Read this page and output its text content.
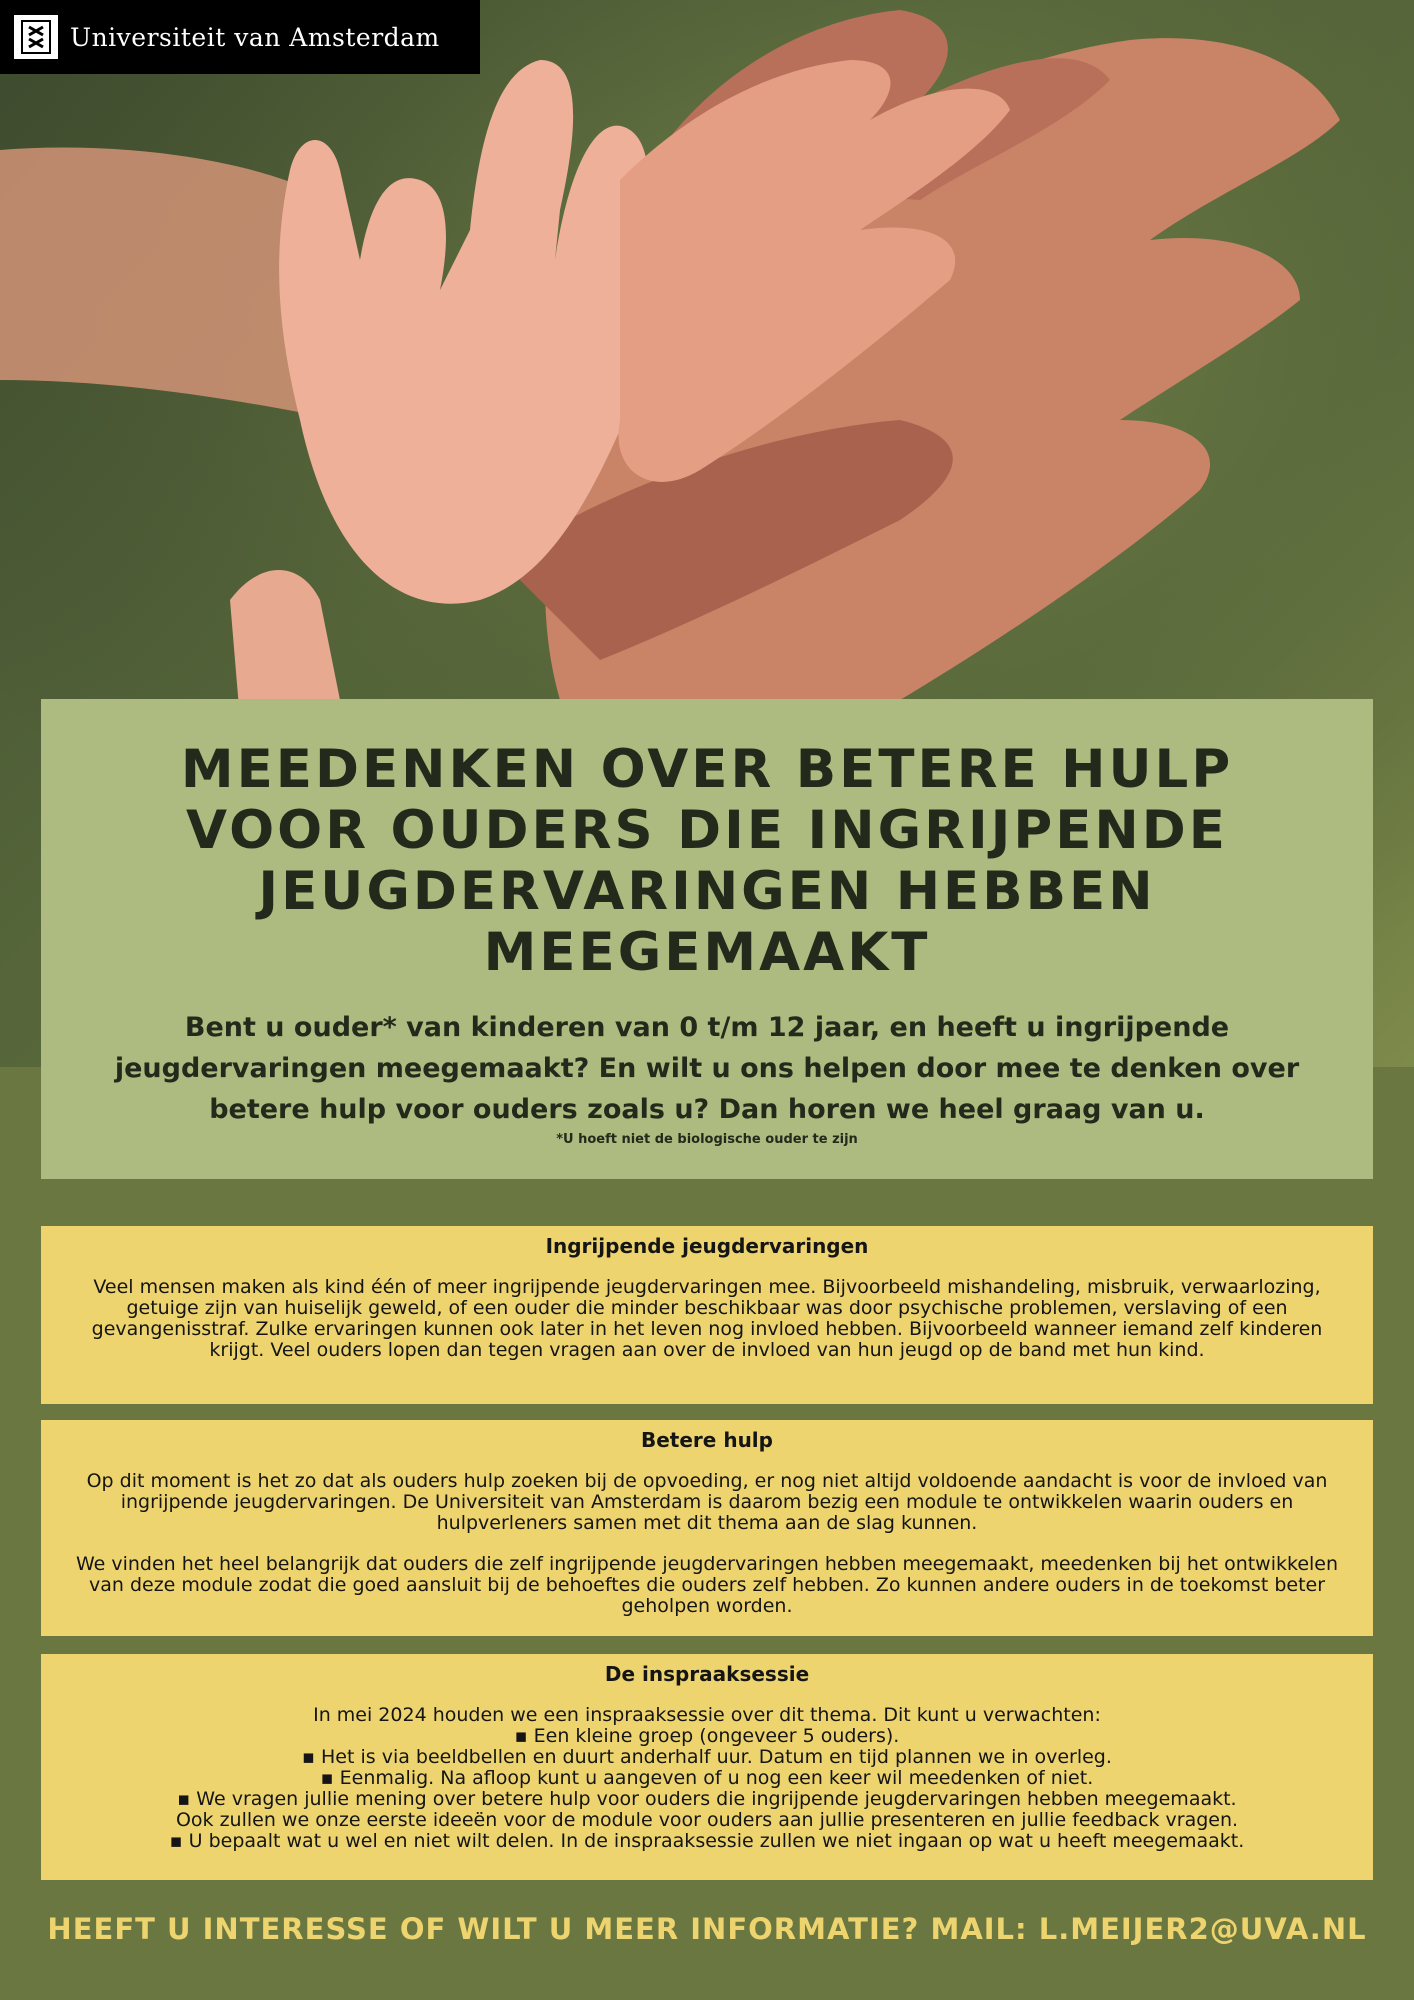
Universiteit van Amsterdam
MEEDENKEN OVER BETERE HULP VOOR OUDERS DIE INGRIJPENDE JEUGDERVARINGEN HEBBEN MEEGEMAAKT

Bent u ouder* van kinderen van 0 t/m 12 jaar, en heeft u ingrijpende jeugdervaringen meegemaakt? En wilt u ons helpen door mee te denken over betere hulp voor ouders zoals u? Dan horen we heel graag van u.

*U hoeft niet de biologische ouder te zijn

Ingrijpende jeugdervaringen

Veel mensen maken als kind één of meer ingrijpende jeugdervaringen mee. Bijvoorbeeld mishandeling, misbruik, verwaarlozing, getuige zijn van huiselijk geweld, of een ouder die minder beschikbaar was door psychische problemen, verslaving of een gevangenisstraf. Zulke ervaringen kunnen ook later in het leven nog invloed hebben. Bijvoorbeeld wanneer iemand zelf kinderen krijgt. Veel ouders lopen dan tegen vragen aan over de invloed van hun jeugd op de band met hun kind.

Betere hulp

Op dit moment is het zo dat als ouders hulp zoeken bij de opvoeding, er nog niet altijd voldoende aandacht is voor de invloed van ingrijpende jeugdervaringen. De Universiteit van Amsterdam is daarom bezig een module te ontwikkelen waarin ouders en hulpverleners samen met dit thema aan de slag kunnen.

We vinden het heel belangrijk dat ouders die zelf ingrijpende jeugdervaringen hebben meegemaakt, meedenken bij het ontwikkelen van deze module zodat die goed aansluit bij de behoeftes die ouders zelf hebben. Zo kunnen andere ouders in de toekomst beter geholpen worden.

De inspraaksessie

In mei 2024 houden we een inspraaksessie over dit thema. Dit kunt u verwachten:
▪ Een kleine groep (ongeveer 5 ouders).
▪ Het is via beeldbellen en duurt anderhalf uur. Datum en tijd plannen we in overleg.
▪ Eenmalig. Na afloop kunt u aangeven of u nog een keer wil meedenken of niet.
▪ We vragen jullie mening over betere hulp voor ouders die ingrijpende jeugdervaringen hebben meegemaakt.
Ook zullen we onze eerste ideeën voor de module voor ouders aan jullie presenteren en jullie feedback vragen.
▪ U bepaalt wat u wel en niet wilt delen. In de inspraaksessie zullen we niet ingaan op wat u heeft meegemaakt.

HEEFT U INTERESSE OF WILT U MEER INFORMATIE? MAIL: L.MEIJER2@UVA.NL
